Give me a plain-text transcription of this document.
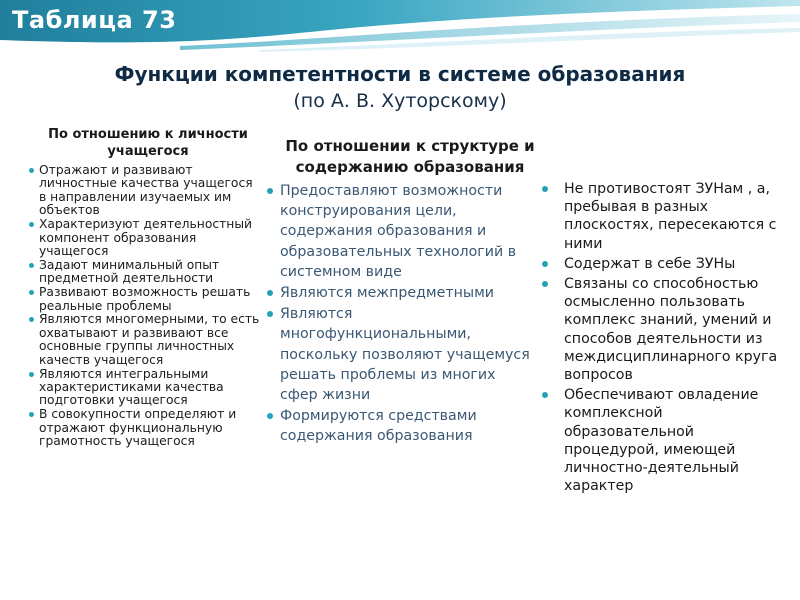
Таблица 73
Функции компетентности в системе образования
(по А. В. Хуторскому)
По отношению к личности учащегося
Отражают и развивают личностные качества учащегося в направлении изучаемых им объектов
Характеризуют деятельностный компонент образования учащегося
Задают минимальный опыт предметной деятельности
Развивают возможность решать реальные проблемы
Являются многомерными, то есть охватывают и развивают все основные группы личностных качеств учащегося
Являются интегральными характеристиками качества подготовки учащегося
В совокупности определяют и отражают функциональную грамотность учащегося
По отношении к структуре и
содержанию образования
Предоставляют возможности конструирования цели, содержания образования и образовательных технологий в системном виде
Являются межпредметными
Являются многофункциональными, поскольку позволяют учащемуся решать проблемы из многих сфер жизни
Формируются средствами содержания образования
Не противостоят ЗУНам , а, пребывая в разных плоскостях, пересекаются с ними
Содержат в себе ЗУНы
Связаны со способностью осмысленно пользовать комплекс знаний, умений и способов деятельности из междисциплинарного круга вопросов
Обеспечивают овладение комплексной образовательной процедурой, имеющей личностно-деятельный характер
